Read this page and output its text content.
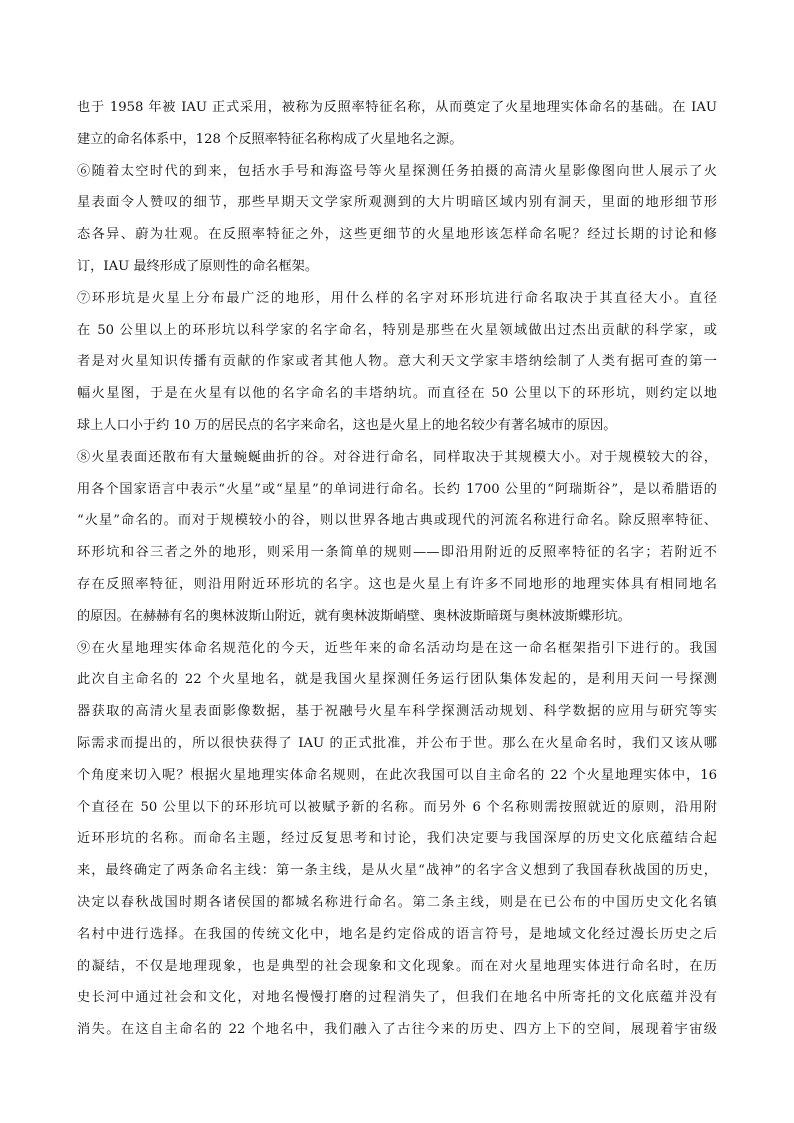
也于 1958 年被 IAU 正式采用，被称为反照率特征名称，从而奠定了火星地理实体命名的基础。在 IAU
建立的命名体系中，128 个反照率特征名称构成了火星地名之源。
⑥随着太空时代的到来，包括水手号和海盗号等火星探测任务拍摄的高清火星影像图向世人展示了火
星表面令人赞叹的细节，那些早期天文学家所观测到的大片明暗区域内别有洞天，里面的地形细节形
态各异、蔚为壮观。在反照率特征之外，这些更细节的火星地形该怎样命名呢？经过长期的讨论和修
订，IAU 最终形成了原则性的命名框架。
⑦环形坑是火星上分布最广泛的地形，用什么样的名字对环形坑进行命名取决于其直径大小。直径
在 50 公里以上的环形坑以科学家的名字命名，特别是那些在火星领域做出过杰出贡献的科学家，或
者是对火星知识传播有贡献的作家或者其他人物。意大利天文学家丰塔纳绘制了人类有据可查的第一
幅火星图，于是在火星有以他的名字命名的丰塔纳坑。而直径在 50 公里以下的环形坑，则约定以地
球上人口小于约 10 万的居民点的名字来命名，这也是火星上的地名较少有著名城市的原因。
⑧火星表面还散布有大量蜿蜒曲折的谷。对谷进行命名，同样取决于其规模大小。对于规模较大的谷，
用各个国家语言中表示“火星”或“星星”的单词进行命名。长约 1700 公里的“阿瑞斯谷”，是以希腊语的
“火星”命名的。而对于规模较小的谷，则以世界各地古典或现代的河流名称进行命名。除反照率特征、
环形坑和谷三者之外的地形，则采用一条简单的规则——即沿用附近的反照率特征的名字；若附近不
存在反照率特征，则沿用附近环形坑的名字。这也是火星上有许多不同地形的地理实体具有相同地名
的原因。在赫赫有名的奥林波斯山附近，就有奥林波斯峭壁、奥林波斯暗斑与奥林波斯蝶形坑。
⑨在火星地理实体命名规范化的今天，近些年来的命名活动均是在这一命名框架指引下进行的。我国
此次自主命名的 22 个火星地名，就是我国火星探测任务运行团队集体发起的，是利用天问一号探测
器获取的高清火星表面影像数据，基于祝融号火星车科学探测活动规划、科学数据的应用与研究等实
际需求而提出的，所以很快获得了 IAU 的正式批准，并公布于世。那么在火星命名时，我们又该从哪
个角度来切入呢？根据火星地理实体命名规则，在此次我国可以自主命名的 22 个火星地理实体中，16
个直径在 50 公里以下的环形坑可以被赋予新的名称。而另外 6 个名称则需按照就近的原则，沿用附
近环形坑的名称。而命名主题，经过反复思考和讨论，我们决定要与我国深厚的历史文化底蕴结合起
来，最终确定了两条命名主线：第一条主线，是从火星“战神”的名字含义想到了我国春秋战国的历史，
决定以春秋战国时期各诸侯国的都城名称进行命名。第二条主线，则是在已公布的中国历史文化名镇
名村中进行选择。在我国的传统文化中，地名是约定俗成的语言符号，是地域文化经过漫长历史之后
的凝结，不仅是地理现象，也是典型的社会现象和文化现象。而在对火星地理实体进行命名时，在历
史长河中通过社会和文化，对地名慢慢打磨的过程消失了，但我们在地名中所寄托的文化底蕴并没有
消失。在这自主命名的 22 个地名中，我们融入了古往今来的历史、四方上下的空间，展现着宇宙级
